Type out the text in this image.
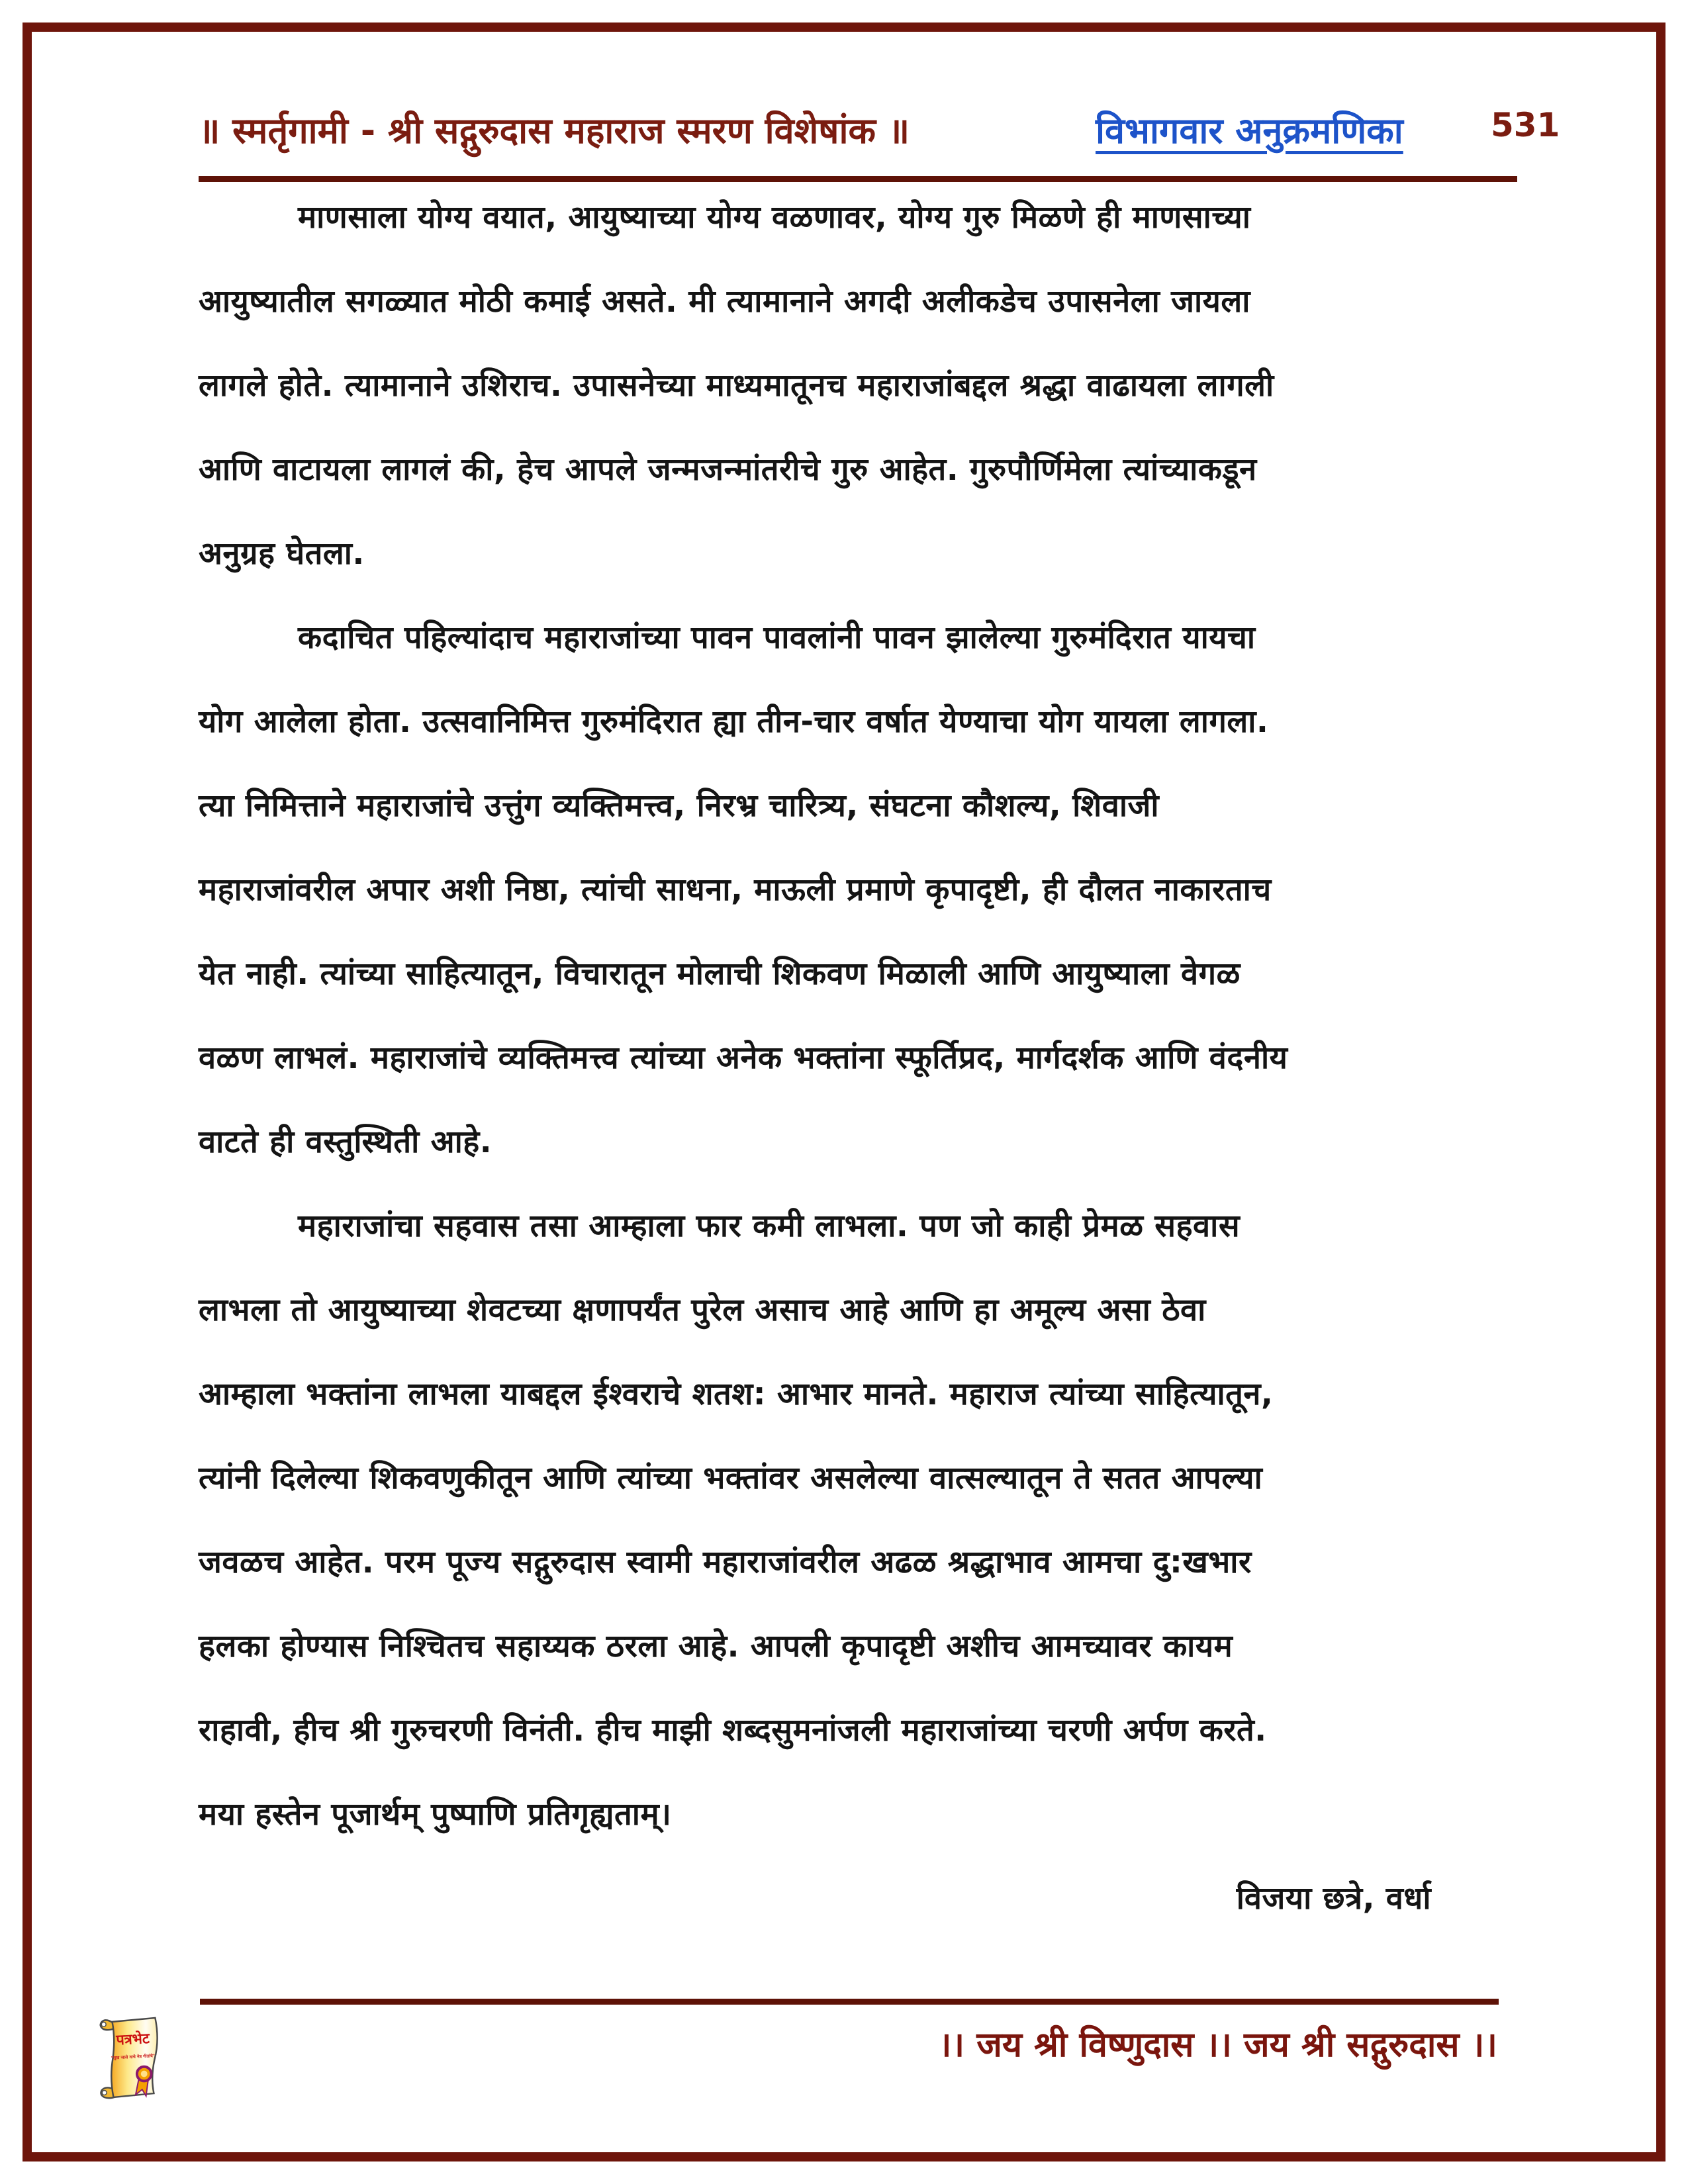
॥ स्मर्तृगामी - श्री सद्गुरुदास महाराज स्मरण विशेषांक ॥	विभागवार अनुक्रमणिका	531
माणसाला योग्य वयात, आयुष्याच्या योग्य वळणावर, योग्य गुरु मिळणे ही माणसाच्या
आयुष्यातील सगळ्यात मोठी कमाई असते. मी त्यामानाने अगदी अलीकडेच उपासनेला जायला
लागले होते. त्यामानाने उशिराच. उपासनेच्या माध्यमातूनच महाराजांबद्दल श्रद्धा वाढायला लागली
आणि वाटायला लागलं की, हेच आपले जन्मजन्मांतरीचे गुरु आहेत. गुरुपौर्णिमेला त्यांच्याकडून
अनुग्रह घेतला.
कदाचित पहिल्यांदाच महाराजांच्या पावन पावलांनी पावन झालेल्या गुरुमंदिरात यायचा
योग आलेला होता. उत्सवानिमित्त गुरुमंदिरात ह्या तीन-चार वर्षात येण्याचा योग यायला लागला.
त्या निमित्ताने महाराजांचे उत्तुंग व्यक्तिमत्त्व, निरभ्र चारित्र्य, संघटना कौशल्य, शिवाजी
महाराजांवरील अपार अशी निष्ठा, त्यांची साधना, माऊली प्रमाणे कृपादृष्टी, ही दौलत नाकारताच
येत नाही. त्यांच्या साहित्यातून, विचारातून मोलाची शिकवण मिळाली आणि आयुष्याला वेगळ
वळण लाभलं. महाराजांचे व्यक्तिमत्त्व त्यांच्या अनेक भक्तांना स्फूर्तिप्रद, मार्गदर्शक आणि वंदनीय
वाटते ही वस्तुस्थिती आहे.
महाराजांचा सहवास तसा आम्हाला फार कमी लाभला. पण जो काही प्रेमळ सहवास
लाभला तो आयुष्याच्या शेवटच्या क्षणापर्यंत पुरेल असाच आहे आणि हा अमूल्य असा ठेवा
आम्हाला भक्तांना लाभला याबद्दल ईश्वराचे शतश: आभार मानते. महाराज त्यांच्या साहित्यातून,
त्यांनी दिलेल्या शिकवणुकीतून आणि त्यांच्या भक्तांवर असलेल्या वात्सल्यातून ते सतत आपल्या
जवळच आहेत. परम पूज्य सद्गुरुदास स्वामी महाराजांवरील अढळ श्रद्धाभाव आमचा दु:खभार
हलका होण्यास निश्चितच सहाय्यक ठरला आहे. आपली कृपादृष्टी अशीच आमच्यावर कायम
राहावी, हीच श्री गुरुचरणी विनंती. हीच माझी शब्दसुमनांजली महाराजांच्या चरणी अर्पण करते.
मया हस्तेन पूजार्थम् पुष्पाणि प्रतिगृह्यताम्।
विजया छत्रे, वर्धा
।। जय श्री विष्णुदास ।। जय श्री सद्गुरुदास ।।
पत्रभेट
"सुख जाले वाचे नेत्र गीतांचे"
